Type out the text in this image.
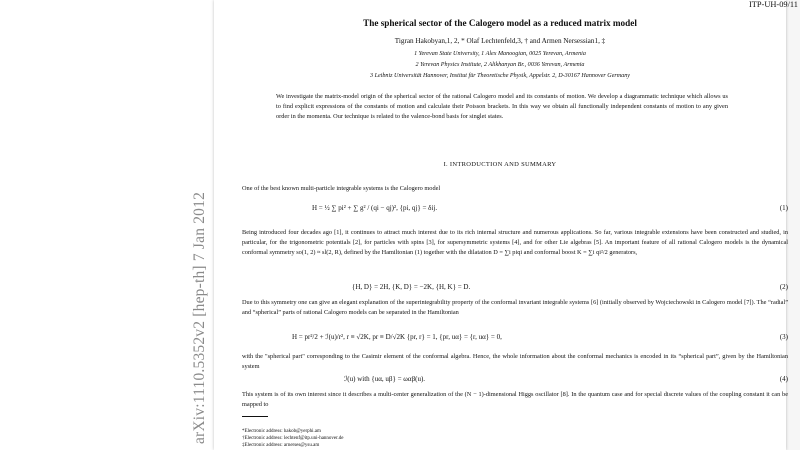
arXiv:1110.5352v2 [hep-th] 7 Jan 2012

ITP-UH-09/11

The spherical sector of the Calogero model as a reduced matrix model

Tigran Hakobyan,1, 2, * Olaf Lechtenfeld,3, † and Armen Nersessian1, ‡

1 Yerevan State University, 1 Alex Manoogian, 0025 Yerevan, Armenia

2 Yerevan Physics Institute, 2 Alikhanyan Br., 0036 Yerevan, Armenia

3 Leibniz Universität Hannover, Institut für Theoretische Physik, Appelstr. 2, D-30167 Hannover Germany

We investigate the matrix-model origin of the spherical sector of the rational Calogero model and its constants of motion. We develop a diagrammatic technique which allows us to find explicit expressions of the constants of motion and calculate their Poisson brackets. In this way we obtain all functionally independent constants of motion to any given order in the momenta. Our technique is related to the valence-bond basis for singlet states.

I. INTRODUCTION AND SUMMARY

One of the best known multi-particle integrable systems is the Calogero model

H = ½ ∑ pi² + ∑ g² / (qi − qj)², {pi, qj} = δij.	(1)

Being introduced four decades ago [1], it continues to attract much interest due to its rich internal structure and numerous applications. So far, various integrable extensions have been constructed and studied, in particular, for the trigonometric potentials [2], for particles with spins [3], for supersymmetric systems [4], and for other Lie algebras [5]. An important feature of all rational Calogero models is the dynamical conformal symmetry so(1, 2) ≈ sl(2, R), defined by the Hamiltonian (1) together with the dilatation D = ∑i piqi and conformal boost K = ∑i qi²/2 generators,

{H, D} = 2H, {K, D} = −2K, {H, K} = D.	(2)

Due to this symmetry one can give an elegant explanation of the superintegrability property of the conformal invariant integrable systems [6] (initially observed by Wojciechowski in Calogero model [7]). The “radial” and “spherical” parts of rational Calogero models can be separated in the Hamiltonian

H = pr²/2 + ℐ(u)/r², r ≡ √2K, pr ≡ D/√2K {pr, r} = 1, {pr, uα} = {r, uα} = 0,	(3)

with the "spherical part" corresponding to the Casimir element of the conformal algebra. Hence, the whole information about the conformal mechanics is encoded in its “spherical part”, given by the Hamiltonian system

ℐ(u) with {uα, uβ} = ωαβ(u).	(4)

This system is of its own interest since it describes a multi-center generalization of the (N − 1)-dimensional Higgs oscillator [8]. In the quantum case and for special discrete values of the coupling constant it can be mapped to

*Electronic address: hakob@yerphi.am

†Electronic address: lechtenf@itp.uni-hannover.de

‡Electronic address: arnerses@ysu.am
